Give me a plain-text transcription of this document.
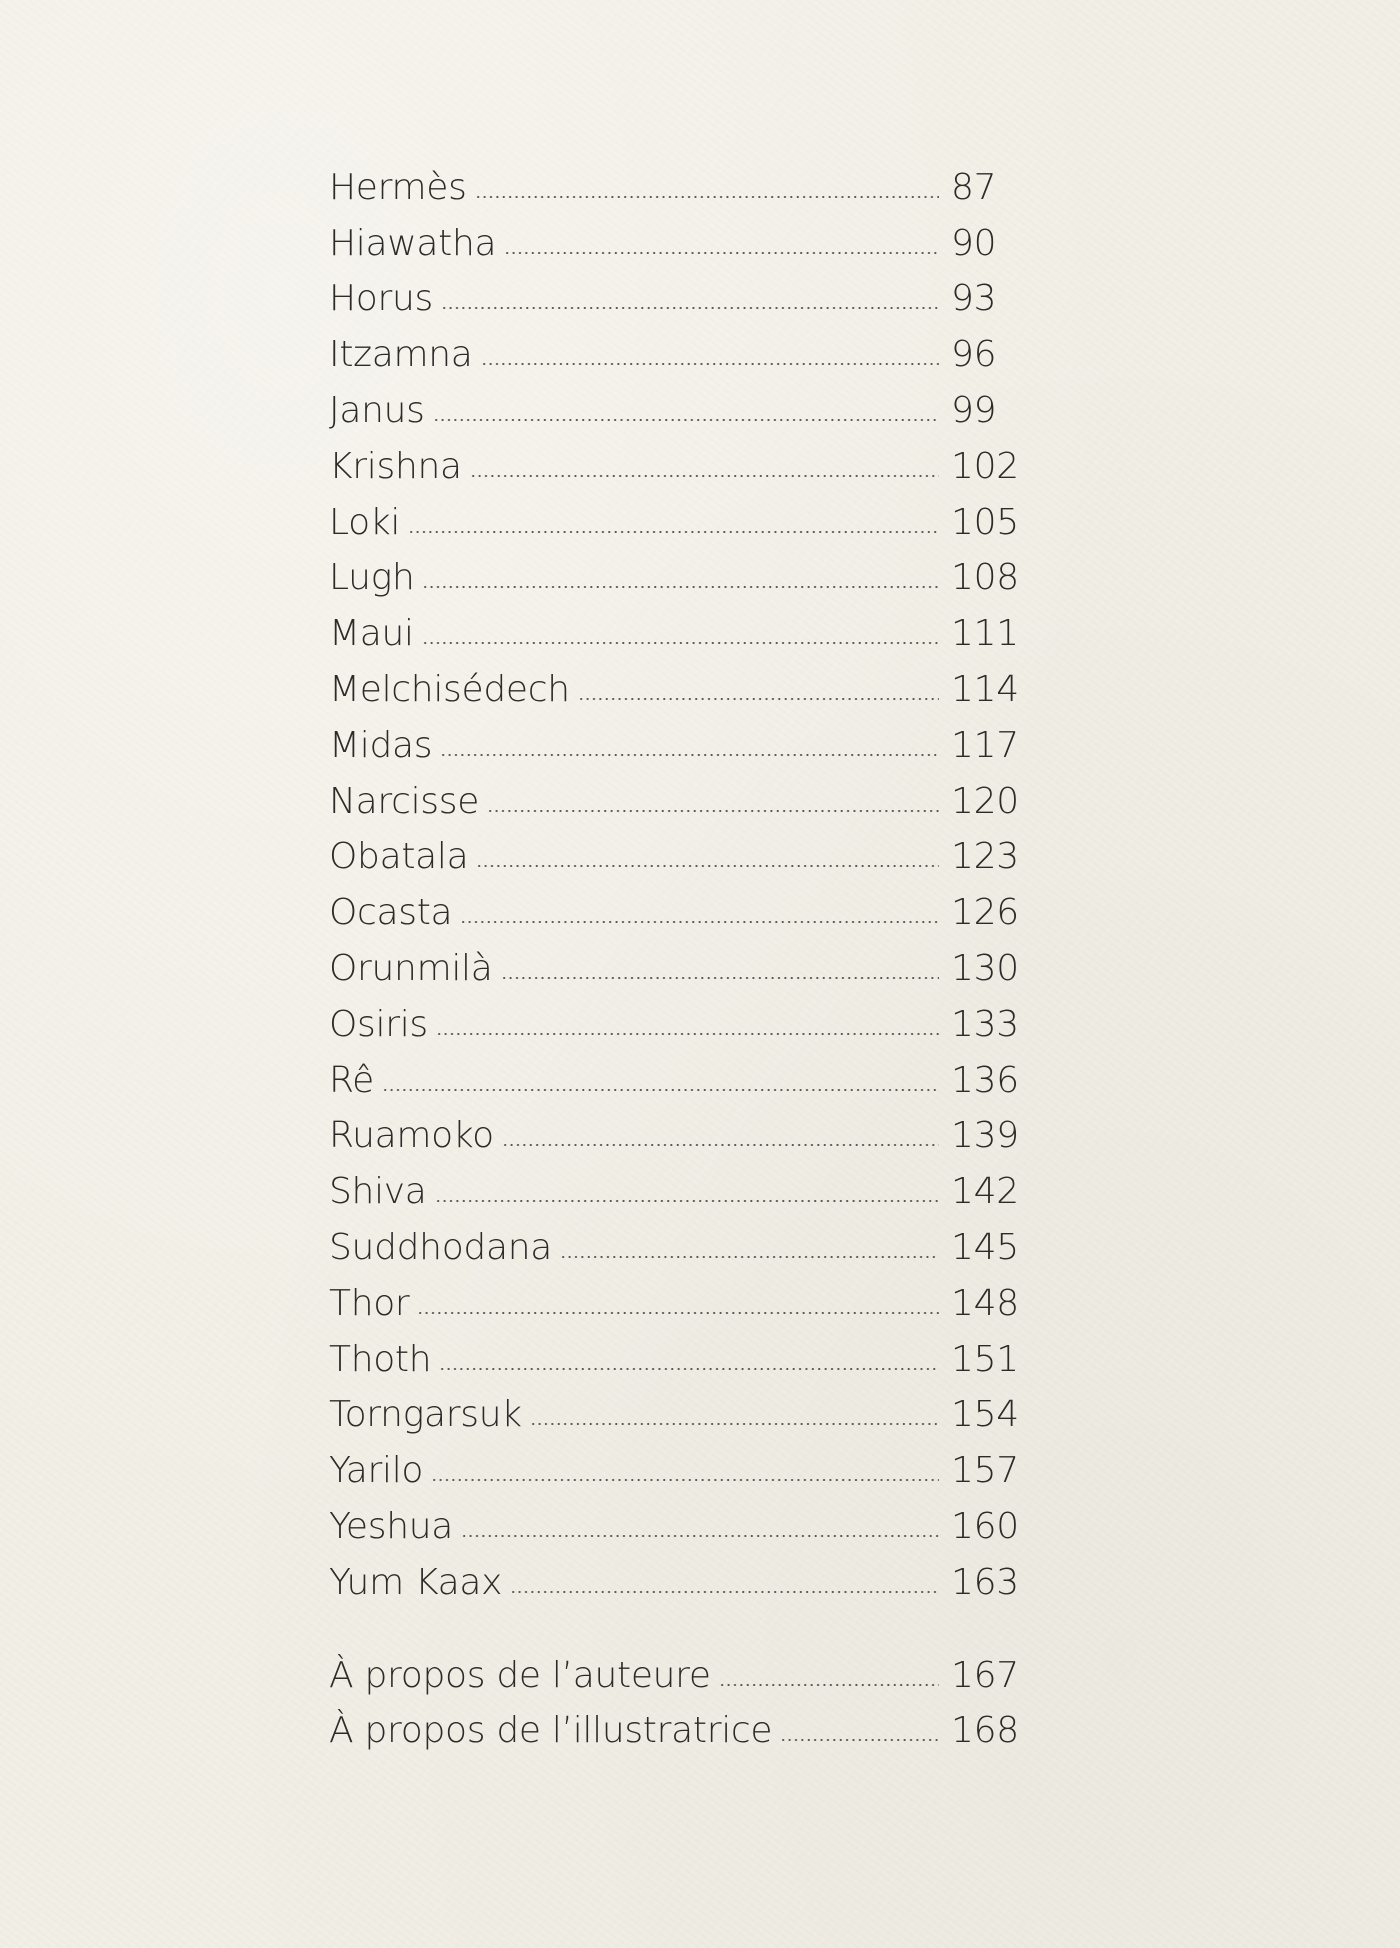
Hermès	87
Hiawatha	90
Horus	93
Itzamna	96
Janus	99
Krishna	102
Loki	105
Lugh	108
Maui	111
Melchisédech	114
Midas	117
Narcisse	120
Obatala	123
Ocasta	126
Orunmilà	130
Osiris	133
Rê	136
Ruamoko	139
Shiva	142
Suddhodana	145
Thor	148
Thoth	151
Torngarsuk	154
Yarilo	157
Yeshua	160
Yum Kaax	163
À propos de l’auteure	167
À propos de l’illustratrice	168
